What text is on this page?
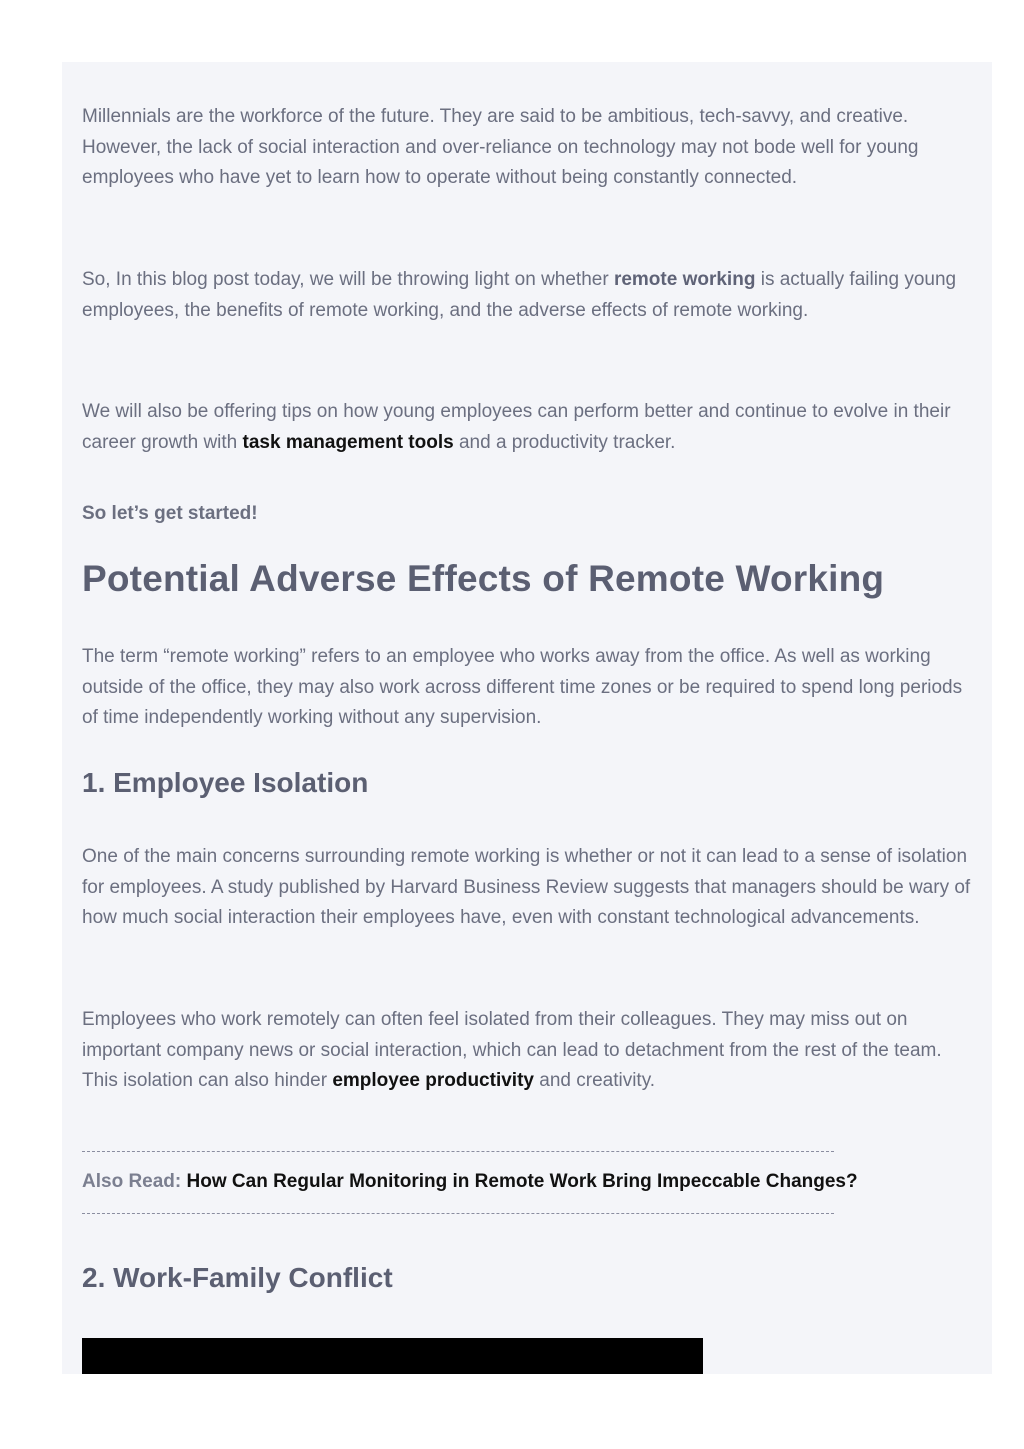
Millennials are the workforce of the future. They are said to be ambitious, tech-savvy, and creative. However, the lack of social interaction and over-reliance on technology may not bode well for young employees who have yet to learn how to operate without being constantly connected.

So, In this blog post today, we will be throwing light on whether remote working is actually failing young employees, the benefits of remote working, and the adverse effects of remote working.

We will also be offering tips on how young employees can perform better and continue to evolve in their career growth with task management tools and a productivity tracker.

So let’s get started!

Potential Adverse Effects of Remote Working

The term “remote working” refers to an employee who works away from the office. As well as working outside of the office, they may also work across different time zones or be required to spend long periods of time independently working without any supervision.

1. Employee Isolation

One of the main concerns surrounding remote working is whether or not it can lead to a sense of isolation for employees. A study published by Harvard Business Review suggests that managers should be wary of how much social interaction their employees have, even with constant technological advancements.

Employees who work remotely can often feel isolated from their colleagues. They may miss out on important company news or social interaction, which can lead to detachment from the rest of the team. This isolation can also hinder employee productivity and creativity.

Also Read: How Can Regular Monitoring in Remote Work Bring Impeccable Changes?
2. Work-Family Conflict
